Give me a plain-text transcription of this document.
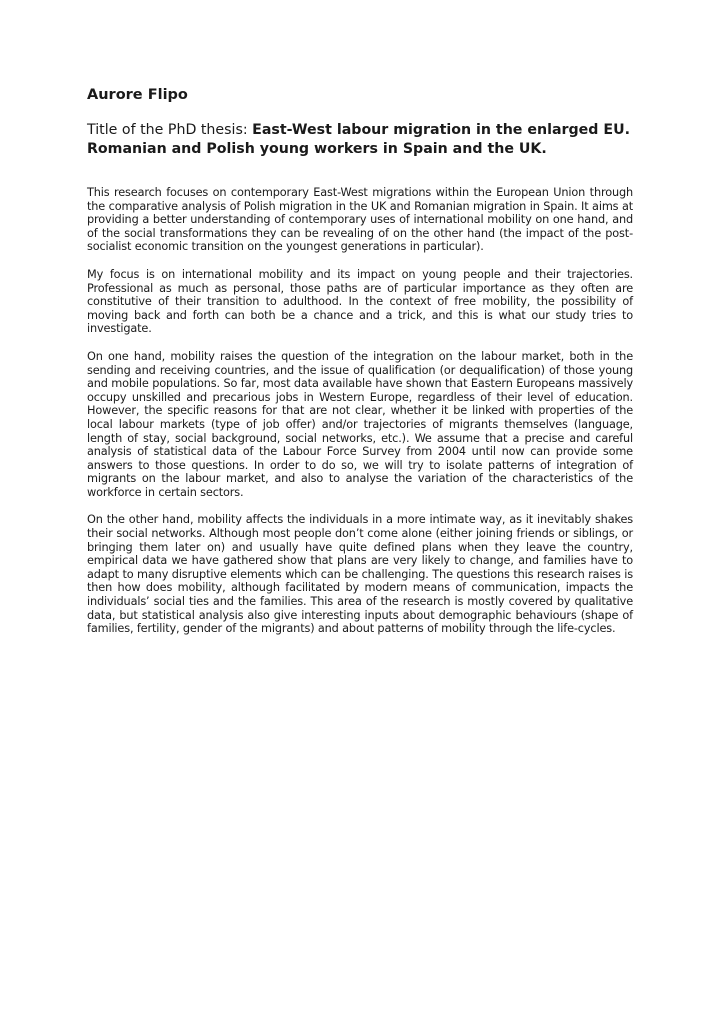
Aurore Flipo
Title of the PhD thesis: East-West labour migration in the enlarged EU. Romanian and Polish young workers in Spain and the UK.

This research focuses on contemporary East-West migrations within the European Union through the comparative analysis of Polish migration in the UK and Romanian migration in Spain. It aims at providing a better understanding of contemporary uses of international mobility on one hand, and of the social transformations they can be revealing of on the other hand (the impact of the post-socialist economic transition on the youngest generations in particular).

My focus is on international mobility and its impact on young people and their trajectories. Professional as much as personal, those paths are of particular importance as they often are constitutive of their transition to adulthood. In the context of free mobility, the possibility of moving back and forth can both be a chance and a trick, and this is what our study tries to investigate.

On one hand, mobility raises the question of the integration on the labour market, both in the sending and receiving countries, and the issue of qualification (or dequalification) of those young and mobile populations. So far, most data available have shown that Eastern Europeans massively occupy unskilled and precarious jobs in Western Europe, regardless of their level of education. However, the specific reasons for that are not clear, whether it be linked with properties of the local labour markets (type of job offer) and/or trajectories of migrants themselves (language, length of stay, social background, social networks, etc.). We assume that a precise and careful analysis of statistical data of the Labour Force Survey from 2004 until now can provide some answers to those questions. In order to do so, we will try to isolate patterns of integration of migrants on the labour market, and also to analyse the variation of the characteristics of the workforce in certain sectors.

On the other hand, mobility affects the individuals in a more intimate way, as it inevitably shakes their social networks. Although most people don’t come alone (either joining friends or siblings, or bringing them later on) and usually have quite defined plans when they leave the country, empirical data we have gathered show that plans are very likely to change, and families have to adapt to many disruptive elements which can be challenging. The questions this research raises is then how does mobility, although facilitated by modern means of communication, impacts the individuals’ social ties and the families. This area of the research is mostly covered by qualitative data, but statistical analysis also give interesting inputs about demographic behaviours (shape of families, fertility, gender of the migrants) and about patterns of mobility through the life-cycles.
